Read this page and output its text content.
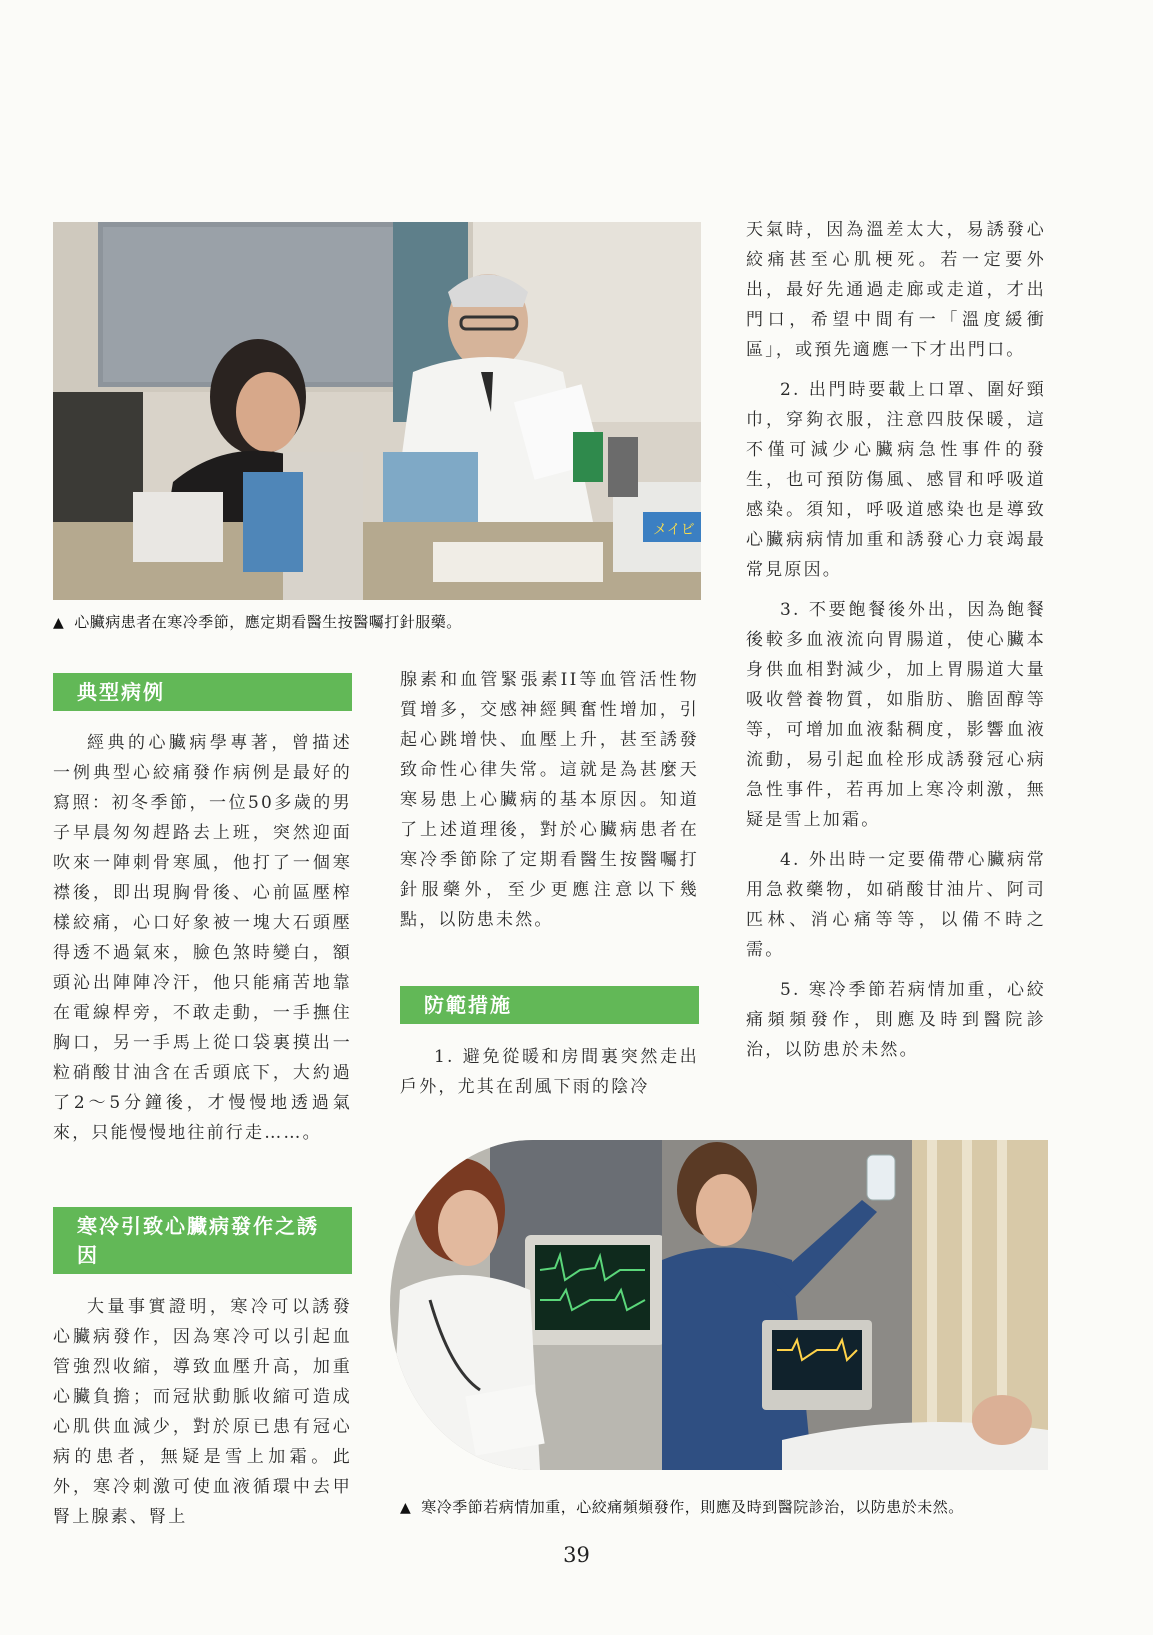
メイビ
▲ 心臟病患者在寒冷季節，應定期看醫生按醫囑打針服藥。
典型病例

經典的心臟病學專著，曾描述一例典型心絞痛發作病例是最好的寫照：初冬季節，一位50多歲的男子早晨匆匆趕路去上班，突然迎面吹來一陣刺骨寒風，他打了一個寒襟後，即出現胸骨後、心前區壓榨樣絞痛，心口好象被一塊大石頭壓得透不過氣來，臉色煞時變白，額頭沁出陣陣冷汗，他只能痛苦地靠在電線桿旁，不敢走動，一手撫住胸口，另一手馬上從口袋裏摸出一粒硝酸甘油含在舌頭底下，大約過了2～5分鐘後，才慢慢地透過氣來，只能慢慢地往前行走……。

寒冷引致心臟病發作之誘因

大量事實證明，寒冷可以誘發心臟病發作，因為寒冷可以引起血管強烈收縮，導致血壓升高，加重心臟負擔；而冠狀動脈收縮可造成心肌供血減少，對於原已患有冠心病的患者，無疑是雪上加霜。此外，寒冷刺激可使血液循環中去甲腎上腺素、腎上

腺素和血管緊張素II等血管活性物質增多，交感神經興奮性增加，引起心跳增快、血壓上升，甚至誘發致命性心律失常。這就是為甚麼天寒易患上心臟病的基本原因。知道了上述道理後，對於心臟病患者在寒冷季節除了定期看醫生按醫囑打針服藥外，至少更應注意以下幾點，以防患未然。

防範措施

1. 避免從暖和房間裏突然走出戶外，尤其在刮風下雨的陰冷

天氣時，因為溫差太大，易誘發心絞痛甚至心肌梗死。若一定要外出，最好先通過走廊或走道，才出門口，希望中間有一「溫度緩衝區」，或預先適應一下才出門口。

2. 出門時要載上口罩、圍好頸巾，穿夠衣服，注意四肢保暖，這不僅可減少心臟病急性事件的發生，也可預防傷風、感冒和呼吸道感染。須知，呼吸道感染也是導致心臟病病情加重和誘發心力衰竭最常見原因。

3. 不要飽餐後外出，因為飽餐後較多血液流向胃腸道，使心臟本身供血相對減少，加上胃腸道大量吸收營養物質，如脂肪、膽固醇等等，可增加血液黏稠度，影響血液流動，易引起血栓形成誘發冠心病急性事件，若再加上寒冷刺激，無疑是雪上加霜。

4. 外出時一定要備帶心臟病常用急救藥物，如硝酸甘油片、阿司匹林、消心痛等等，以備不時之需。

5. 寒冷季節若病情加重，心絞痛頻頻發作，則應及時到醫院診治，以防患於未然。

▲ 寒冷季節若病情加重，心絞痛頻頻發作，則應及時到醫院診治，以防患於未然。
39
